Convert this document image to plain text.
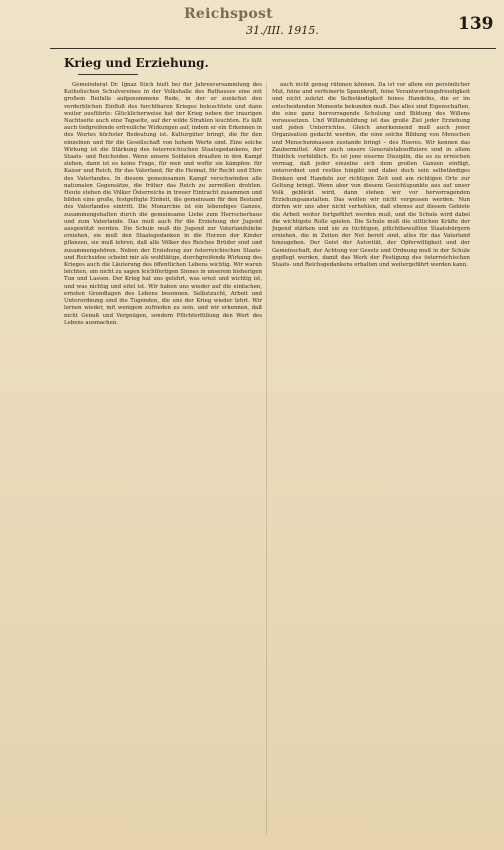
Reichspost
31./III. 1915.	139
Krieg und Erziehung.

Gemeinderat Dr. Ignaz Stich hielt bei der Jahresversammlung des Katholischen Schulvereines in der Volkshalle des Rathauses eine mit großem Beifalle aufgenommene Rede, in der er zunächst den verderblichen Einfluß des furchtbaren Krieges beleuchtete und dann weiter ausführte: Glücklicherweise hat der Krieg neben der traurigen Nachtseite auch eine Tagseite, auf der wilde Strahlen leuchten. Es läßt auch tiefgreifende erfreuliche Wirkungen auf, indem er ein Erkennen in des Wortes höchster Bedeutung ist. Kulturgüter bringt, die für den einzelnen und für die Gesellschaft von hohem Werte sind. Eine solche Wirkung ist die Stärkung des österreichischen Staatsgedankens, der Staats- und Reichsidee. Wenn unsere Soldaten draußen in den Kampf ziehen, dann ist es keine Frage, für wen und wofür sie kämpfen: für Kaiser und Reich, für das Vaterland, für die Heimat, für Recht und Ehre des Vaterlandes. In diesem gemeinsamen Kampf verschwinden alle nationalen Gegensätze, die früher das Reich zu zerreißen drohten. Heute stehen die Völker Österreichs in treuer Eintracht zusammen und bilden eine große, festgefügte Einheit, die gemeinsam für den Bestand des Vaterlandes eintritt. Die Monarchie ist ein lebendiges Ganzes, zusammengehalten durch die gemeinsame Liebe zum Herrscherhaus und zum Vaterlande. Das muß auch für die Erziehung der Jugend ausgenützt werden. Die Schule muß die Jugend zur Vaterlandsliebe erziehen, sie muß den Staatsgedanken in die Herzen der Kinder pflanzen, sie muß lehren, daß alle Völker des Reiches Brüder sind und zusammengehören. Neben der Erziehung zur österreichischen Staats- und Reichsidee scheint mir als wohltätige, durchgreifende Wirkung des Krieges auch die Läuterung des öffentlichen Lebens wichtig. Wir waren leichten, um nicht zu sagen leichtfertigen Sinnes in unserem bisherigen Tun und Lassen. Der Krieg hat uns gelehrt, was ernst und wichtig ist, und was nichtig und eitel ist. Wir haben uns wieder auf die einfachen, ernsten Grundlagen des Lebens besonnen. Selbstzucht, Arbeit und Unterordnung sind die Tugenden, die uns der Krieg wieder lehrt. Wir lernen wieder, mit wenigem zufrieden zu sein, und wir erkennen, daß nicht Genuß und Vergnügen, sondern Pflichterfüllung den Wert des Lebens ausmachen.

auch nicht genug rühmen können. Da ist vor allem ein persönlicher Mut, feine und verfeinerte Spannkraft, feine Verantwortungsfreudigkeit und nicht zuletzt die Selbständigkeit feines Handelns, die er im entscheidenden Momente bekunden muß. Das alles sind Eigenschaften, die eine ganz hervorragende Schulung und Bildung des Willens voraussetzen. Und Willensbildung ist das große Ziel jeder Erziehung und jeden Unterrichtes. Gleich anerkennend muß auch jener Organisation gedacht werden, die eine solche Bildung von Menschen und Menschenmassen zustande bringt – des Heeres. Wir kennen das Zaubermittel. Aber auch unsere Generalstabsoffiziere sind in allem Hinblick vorbildlich. Es ist jene eiserne Disziplin, die es zu erreichen vermag, daß jeder einzelne sich dem großen Ganzen einfügt, unterordnet und restlos hingibt und dabei doch sein selbständiges Denken und Handeln zur richtigen Zeit und am richtigen Orte zur Geltung bringt. Wenn aber von diesem Gesichtspunkte aus auf unser Volk geblickt wird, dann stehen wir vor hervorragenden Erziehungsanstalten. Das wollen wir nicht vergessen werden. Nun dürfen wir uns aber nicht verhehlen, daß ebenso auf diesem Gebiete die Arbeit weiter fortgeführt werden muß, und die Schule wird dabei die wichtigste Rolle spielen. Die Schule muß die sittlichen Kräfte der Jugend stärken und sie zu tüchtigen, pflichtbewußten Staatsbürgern erziehen, die in Zeiten der Not bereit sind, alles für das Vaterland hinzugeben. Der Geist der Autorität, der Opferwilligkeit und der Gemeinschaft, der Achtung vor Gesetz und Ordnung muß in der Schule gepflegt werden, damit das Werk der Festigung des österreichischen Staats- und Reichsgedankens erhalten und weitergeführt werden kann.
